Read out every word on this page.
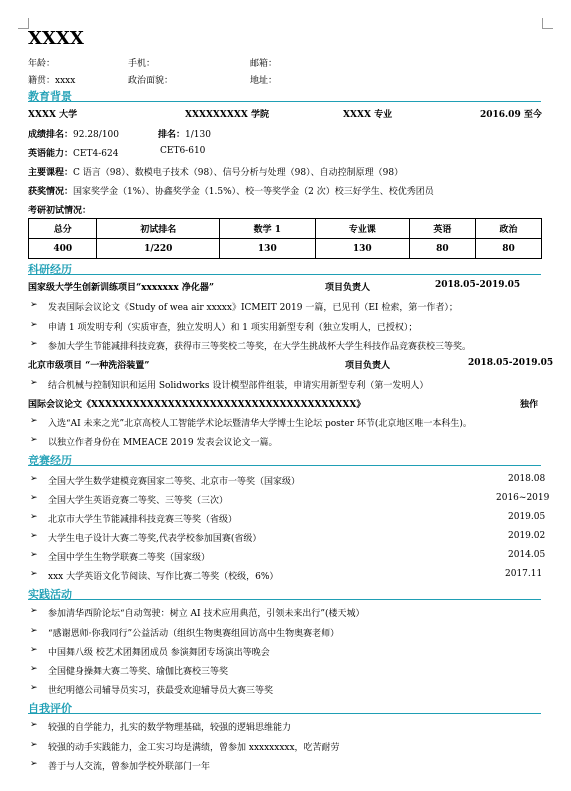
XXXX
年龄：	手机：	邮箱：
籍贯：xxxx	政治面貌：	地址：
教育背景
XXXX 大学	XXXXXXXXX 学院	XXXX 专业	2016.09 至今
成绩排名：92.28/100	排名：1/130
英语能力：CET4-624	CET6-610
主要课程：C 语言（98）、数模电子技术（98）、信号分析与处理（98）、自动控制原理（98）
获奖情况：国家奖学金（1%）、协鑫奖学金（1.5%）、校一等奖学金（2 次）校三好学生、校优秀团员
考研初试情况：
总分	初试排名	数学 1	专业课	英语	政治
400	1/220	130	130	80	80
科研经历
国家级大学生创新训练项目“xxxxxxx 净化器”	项目负责人	2018.05-2019.05
➢ 发表国际会议论文《Study of wea air xxxxx》ICMEIT 2019 一篇，已见刊（EI 检索，第一作者）；
➢ 申请 1 项发明专利（实质审查，独立发明人）和 1 项实用新型专利（独立发明人，已授权）；
➢ 参加大学生节能减排科技竞赛，获得市三等奖校二等奖，在大学生挑战杯大学生科技作品竞赛获校三等奖。
北京市级项目 “一种洗浴装置”	项目负责人	2018.05-2019.05
➢ 结合机械与控制知识和运用 Solidworks 设计模型部件组装，申请实用新型专利（第一发明人）
国际会议论文《XXXXXXXXXXXXXXXXXXXXXXXXXXXXXXXXXXXXXX》	独作
➢ 入选“AI 未来之光”北京高校人工智能学术论坛暨清华大学博士生论坛 poster 环节(北京地区唯一本科生)。
➢ 以独立作者身份在 MMEACE 2019 发表会议论文一篇。
竞赛经历
➢ 全国大学生数学建模竞赛国家二等奖、北京市一等奖（国家级）	2018.08
➢ 全国大学生英语竞赛二等奖、三等奖（三次）	2016~2019
➢ 北京市大学生节能减排科技竞赛三等奖（省级）	2019.05
➢ 大学生电子设计大赛二等奖,代表学校参加国赛(省级）	2019.02
➢ 全国中学生生物学联赛二等奖（国家级）	2014.05
➢ xxx 大学英语文化节阅读、写作比赛二等奖（校级，6%）	2017.11
实践活动
➢ 参加清华西阶论坛“自动驾驶：树立 AI 技术应用典范，引领未来出行”(楼天城）
➢ “感谢恩师·你我同行”公益活动（组织生物奥赛组回访高中生物奥赛老师）
➢ 中国舞八级 校艺术团舞团成员 参演舞团专场演出等晚会
➢ 全国健身操舞大赛二等奖、瑜伽比赛校三等奖
➢ 世纪明德公司辅导员实习，获最受欢迎辅导员大赛三等奖
自我评价
➢ 较强的自学能力，扎实的数学物理基础，较强的逻辑思维能力
➢ 较强的动手实践能力，金工实习均是满绩，曾参加 xxxxxxxxx，吃苦耐劳
➢ 善于与人交流，曾参加学校外联部门一年
